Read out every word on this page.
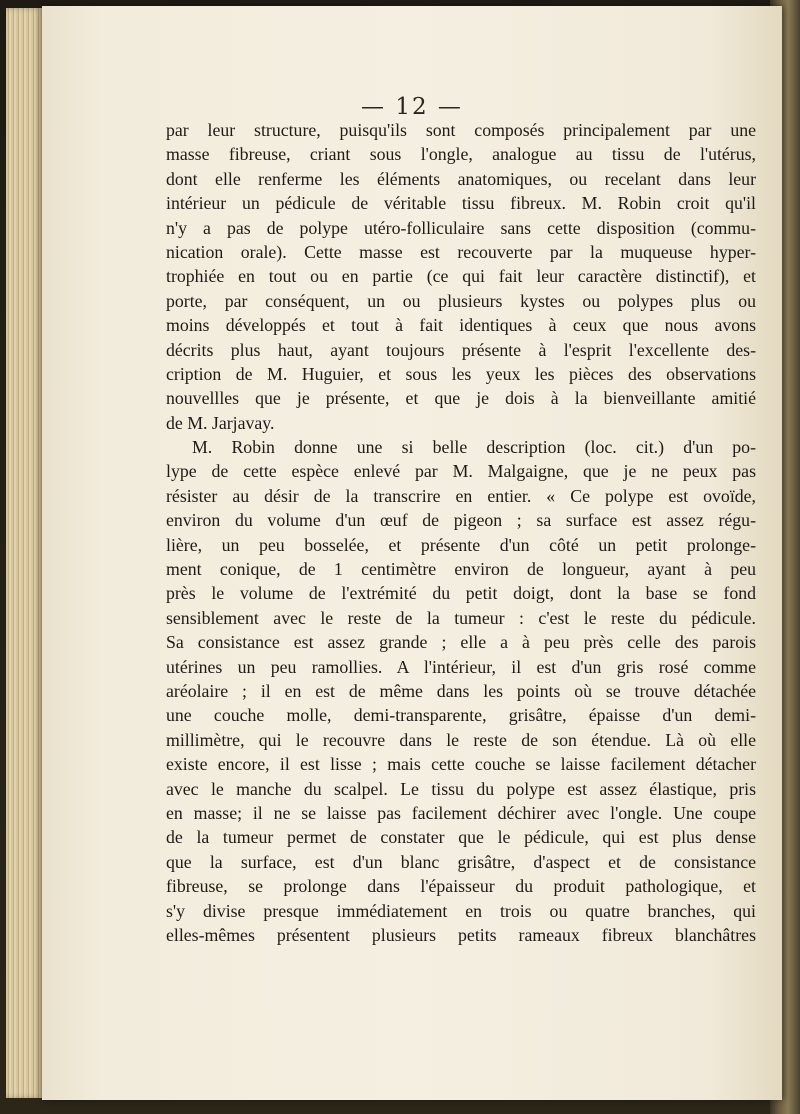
— 12 —
par leur structure, puisqu'ils sont composés principalement par une
masse fibreuse, criant sous l'ongle, analogue au tissu de l'utérus,
dont elle renferme les éléments anatomiques, ou recelant dans leur
intérieur un pédicule de véritable tissu fibreux. M. Robin croit qu'il
n'y a pas de polype utéro-folliculaire sans cette disposition (commu-
nication orale). Cette masse est recouverte par la muqueuse hyper-
trophiée en tout ou en partie (ce qui fait leur caractère distinctif), et
porte, par conséquent, un ou plusieurs kystes ou polypes plus ou
moins développés et tout à fait identiques à ceux que nous avons
décrits plus haut, ayant toujours présente à l'esprit l'excellente des-
cription de M. Huguier, et sous les yeux les pièces des observations
nouvellles que je présente, et que je dois à la bienveillante amitié
de M. Jarjavay.
M. Robin donne une si belle description (loc. cit.) d'un po-
lype de cette espèce enlevé par M. Malgaigne, que je ne peux pas
résister au désir de la transcrire en entier. « Ce polype est ovoïde,
environ du volume d'un œuf de pigeon ; sa surface est assez régu-
lière, un peu bosselée, et présente d'un côté un petit prolonge-
ment conique, de 1 centimètre environ de longueur, ayant à peu
près le volume de l'extrémité du petit doigt, dont la base se fond
sensiblement avec le reste de la tumeur : c'est le reste du pédicule.
Sa consistance est assez grande ; elle a à peu près celle des parois
utérines un peu ramollies. A l'intérieur, il est d'un gris rosé comme
aréolaire ; il en est de même dans les points où se trouve détachée
une couche molle, demi-transparente, grisâtre, épaisse d'un demi-
millimètre, qui le recouvre dans le reste de son étendue. Là où elle
existe encore, il est lisse ; mais cette couche se laisse facilement détacher
avec le manche du scalpel. Le tissu du polype est assez élastique, pris
en masse; il ne se laisse pas facilement déchirer avec l'ongle. Une coupe
de la tumeur permet de constater que le pédicule, qui est plus dense
que la surface, est d'un blanc grisâtre, d'aspect et de consistance
fibreuse, se prolonge dans l'épaisseur du produit pathologique, et
s'y divise presque immédiatement en trois ou quatre branches, qui
elles-mêmes présentent plusieurs petits rameaux fibreux blanchâtres
